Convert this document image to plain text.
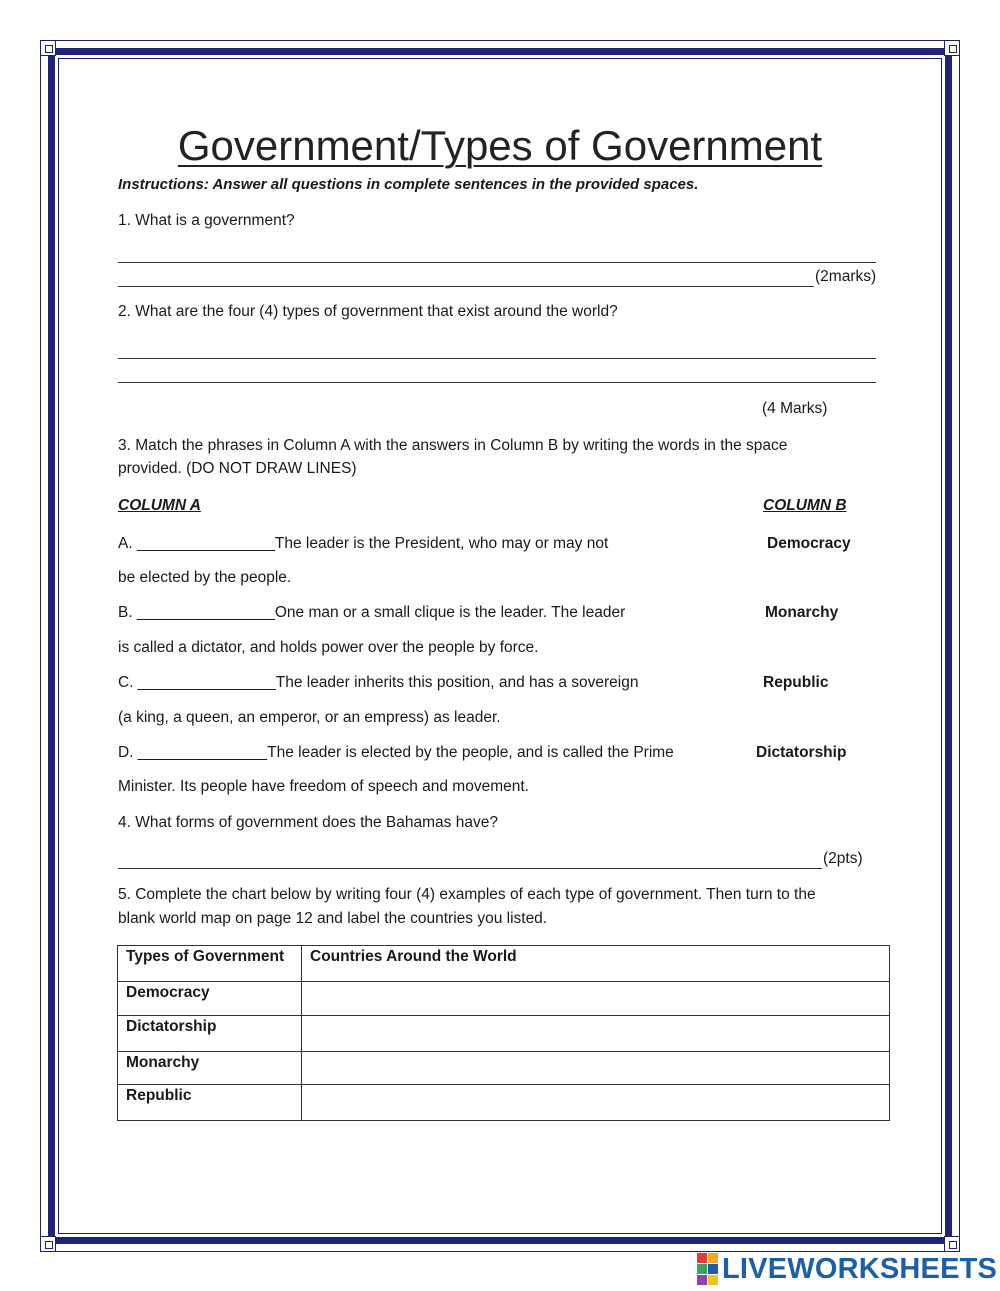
Government/Types of Government
Instructions: Answer all questions in complete sentences in the provided spaces.
1. What is a government?
(2marks)
2. What are the four (4) types of government that exist around the world?
(4 Marks)
3. Match the phrases in Column A with the answers in Column B by writing the words in the space
provided. (DO NOT DRAW LINES)
COLUMN A	COLUMN B
A. ________________The leader is the President, who may or may not	Democracy
be elected by the people.
B. ________________One man or a small clique is the leader. The leader	Monarchy
is called a dictator, and holds power over the people by force.
C. ________________The leader inherits this position, and has a sovereign	Republic
(a king, a queen, an emperor, or an empress) as leader.
D. _______________The leader is elected by the people, and is called the Prime	Dictatorship
Minister. Its people have freedom of speech and movement.
4. What forms of government does the Bahamas have?
(2pts)
5. Complete the chart below by writing four (4) examples of each type of government. Then turn to the
blank world map on page 12 and label the countries you listed.
Types of Government	Countries Around the World
Democracy	
Dictatorship	
Monarchy	
Republic	
LIVEWORKSHEETS
